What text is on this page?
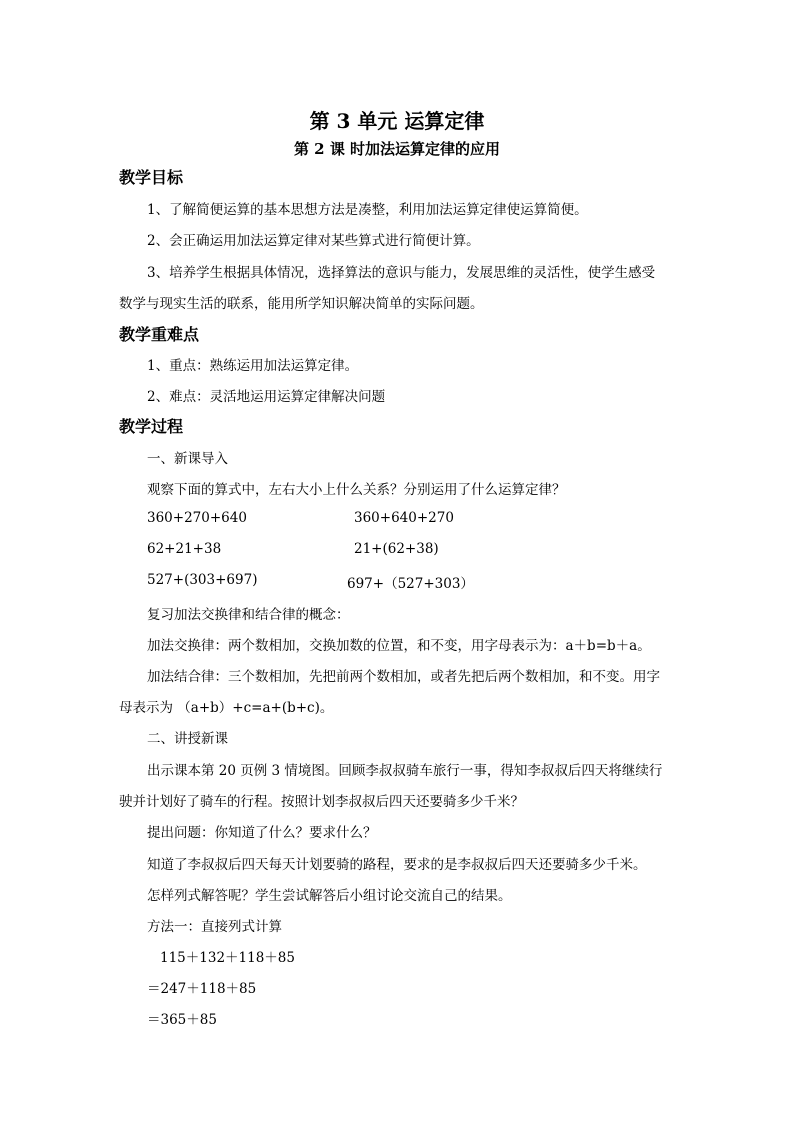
第 3 单元 运算定律
第 2 课 时加法运算定律的应用
教学目标
1、了解简便运算的基本思想方法是凑整，利用加法运算定律使运算简便。
2、会正确运用加法运算定律对某些算式进行简便计算。
3、培养学生根据具体情况，选择算法的意识与能力，发展思维的灵活性，使学生感受
数学与现实生活的联系，能用所学知识解决简单的实际问题。
教学重难点
1、重点：熟练运用加法运算定律。
2、难点：灵活地运用运算定律解决问题
教学过程
一、新课导入
观察下面的算式中，左右大小上什么关系？分别运用了什么运算定律？
360+270+640	360+640+270
62+21+38	21+(62+38)
527+(303+697)	697+（527+303）
复习加法交换律和结合律的概念：
加法交换律：两个数相加，交换加数的位置，和不变，用字母表示为：a＋b=b＋a。
加法结合律：三个数相加，先把前两个数相加，或者先把后两个数相加，和不变。用字
母表示为 （a+b）+c=a+(b+c)。
二、讲授新课
出示课本第 20 页例 3 情境图。回顾李叔叔骑车旅行一事，得知李叔叔后四天将继续行
驶并计划好了骑车的行程。按照计划李叔叔后四天还要骑多少千米？
提出问题：你知道了什么？要求什么？
知道了李叔叔后四天每天计划要骑的路程，要求的是李叔叔后四天还要骑多少千米。
怎样列式解答呢？学生尝试解答后小组讨论交流自己的结果。
方法一：直接列式计算
115＋132＋118＋85
＝247＋118＋85
＝365＋85
